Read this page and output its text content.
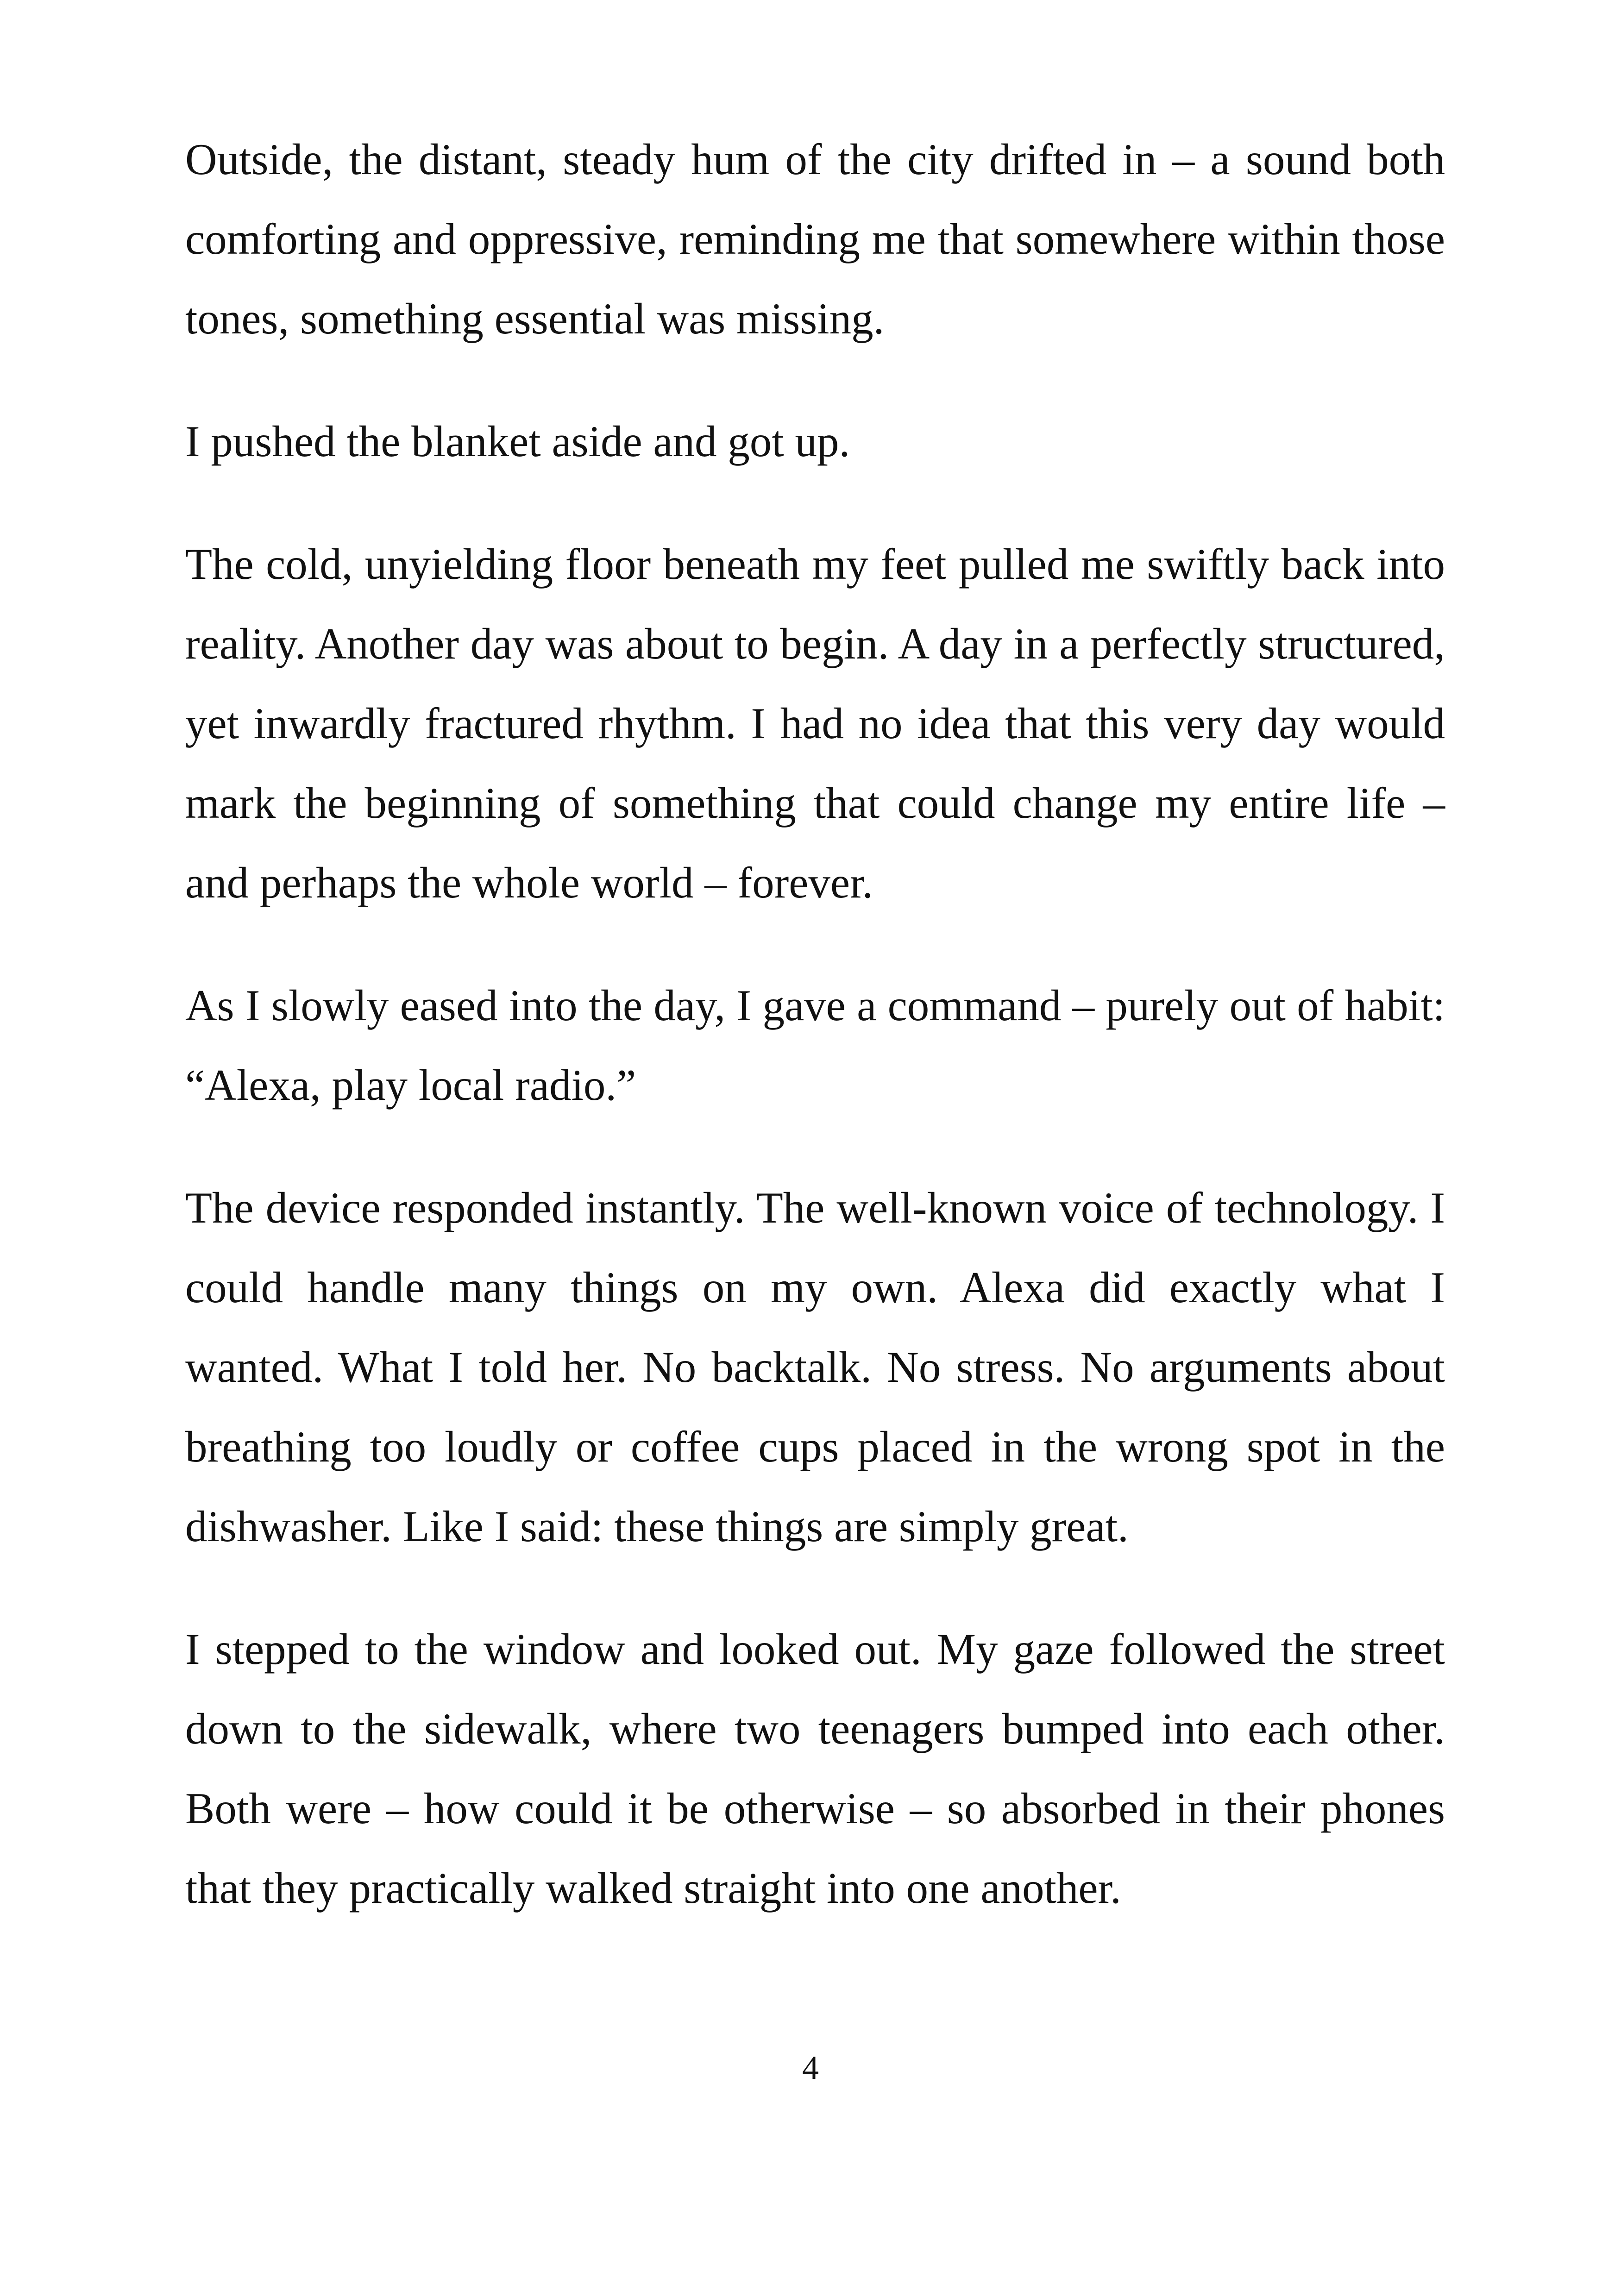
Outside, the distant, steady hum of the city drifted in – a sound both comforting and oppressive, reminding me that somewhere within those tones, something essential was missing.

I pushed the blanket aside and got up.

The cold, unyielding floor beneath my feet pulled me swiftly back into reality. Another day was about to begin. A day in a perfectly structured, yet inwardly fractured rhythm. I had no idea that this very day would mark the beginning of something that could change my entire life – and perhaps the whole world – forever.

As I slowly eased into the day, I gave a command – purely out of habit: “Alexa, play local radio.”

The device responded instantly. The well-known voice of technology. I could handle many things on my own. Alexa did exactly what I wanted. What I told her. No backtalk. No stress. No arguments about breathing too loudly or coffee cups placed in the wrong spot in the dishwasher. Like I said: these things are simply great.

I stepped to the window and looked out. My gaze followed the street down to the sidewalk, where two teenagers bumped into each other. Both were – how could it be otherwise – so absorbed in their phones that they practically walked straight into one another.

4
